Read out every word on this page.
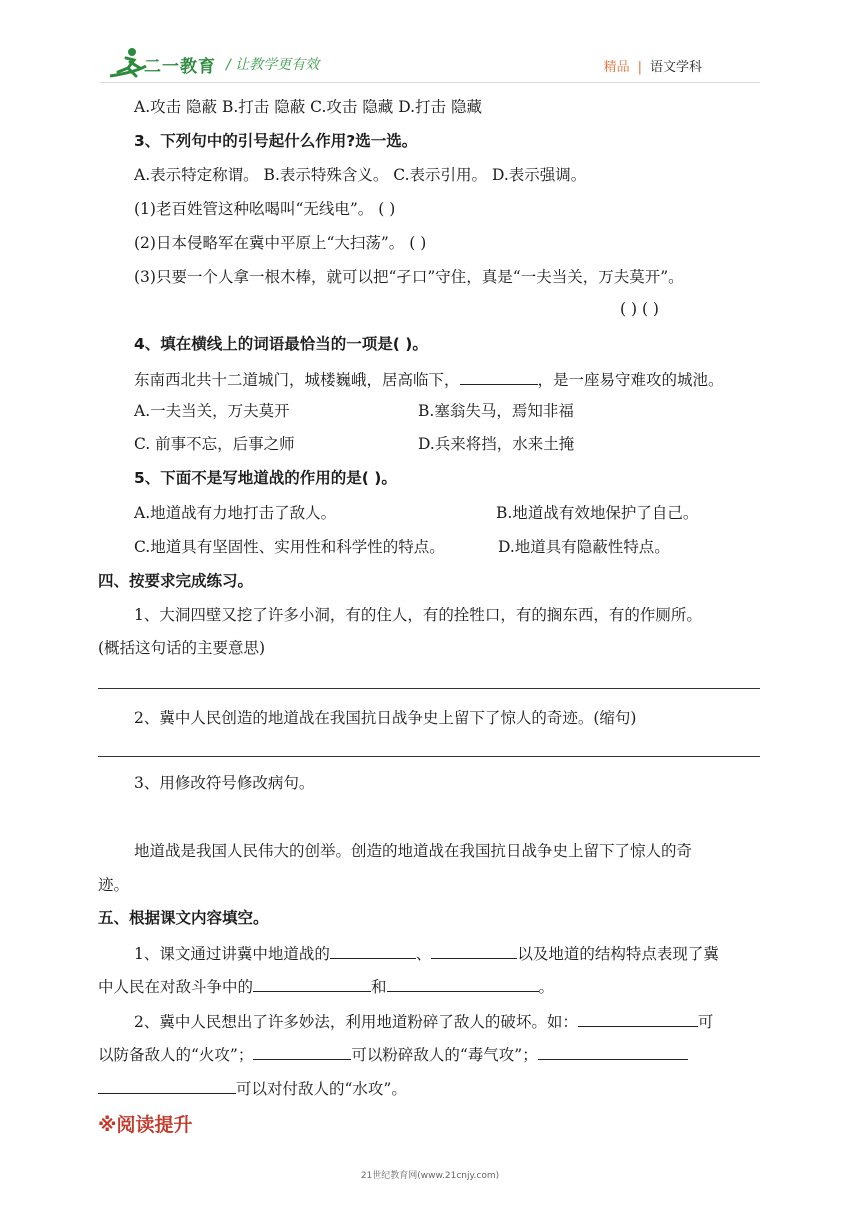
二一教育 / 让教学更有效	精品 | 语文学科
A.攻击 隐蔽 B.打击 隐蔽 C.攻击 隐藏 D.打击 隐藏
3、下列句中的引号起什么作用?选一选。
A.表示特定称谓。 B.表示特殊含义。 C.表示引用。 D.表示强调。
(1)老百姓管这种吆喝叫“无线电”。 ( )
(2)日本侵略军在冀中平原上“大扫荡”。 ( )
(3)只要一个人拿一根木棒，就可以把“孑口”守住，真是“一夫当关，万夫莫开”。
( ) ( )
4、填在横线上的词语最恰当的一项是( )。
东南西北共十二道城门，城楼巍峨，居高临下，	，是一座易守难攻的城池。
A.一夫当关，万夫莫开	B.塞翁失马，焉知非福
C. 前事不忘，后事之师	D.兵来将挡，水来土掩
5、下面不是写地道战的作用的是( )。
A.地道战有力地打击了敌人。	B.地道战有效地保护了自己。
C.地道具有坚固性、实用性和科学性的特点。	D.地道具有隐蔽性特点。
四、按要求完成练习。
1、大洞四壁又挖了许多小洞，有的住人，有的拴牲口，有的搁东西，有的作厕所。
(概括这句话的主要意思)
2、冀中人民创造的地道战在我国抗日战争史上留下了惊人的奇迹。(缩句)
3、用修改符号修改病句。
地道战是我国人民伟大的创举。创造的地道战在我国抗日战争史上留下了惊人的奇
迹。
五、根据课文内容填空。
1、课文通过讲冀中地道战的	、	以及地道的结构特点表现了冀
中人民在对敌斗争中的	和	。
2、冀中人民想出了许多妙法，利用地道粉碎了敌人的破坏。如：	可
以防备敌人的“火攻”；	可以粉碎敌人的“毒气攻”；
可以对付敌人的“水攻”。
※阅读提升
21世纪教育网(www.21cnjy.com)
